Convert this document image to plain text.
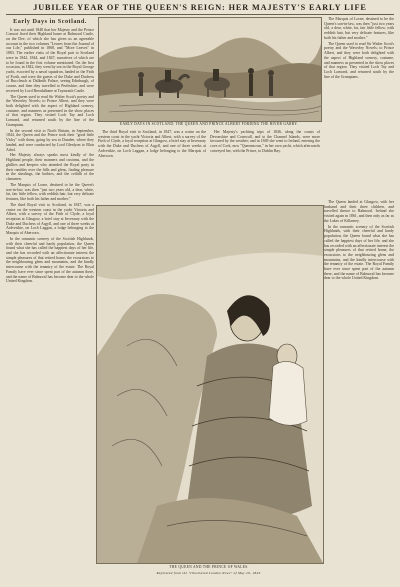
JUBILEE YEAR OF THE QUEEN'S REIGN: HER MAJESTY'S EARLY LIFE
Early Days in Scotland.

It was not until 1848 that her Majesty and the Prince Consort fixed their Highland home at Balmoral Castle, on the Dee, of which she has given us an agreeable account in the two volumes "Leaves from the Journal of our Life," published in 1868, and "More Leaves" in 1883. The earlier visits of the Royal pair to Scotland were in 1842, 1844, and 1847, narratives of which are to be found in the first volume mentioned. On the first occasion, in 1842, they went by sea in the Royal George yacht, escorted by a naval squadron, landed in the Firth of Forth, and were the guests of the Duke and Duchess of Buccleuch at Dalkeith Palace, seeing Edinburgh, of course, and then they travelled to Perthshire, and were received by Lord Breadalbane at Taymouth Castle.

The Queen used to read Sir Walter Scott's poetry and the Waverley Novels; to Prince Albert, and they were both delighted with the aspect of Highland scenery, costume, and manners as presented in the show places of that region. They visited Loch Tay and Loch Lomond, and returned south by the line of the Grampians.

In the second visit to North Britain, in September, 1844, the Queen and the Prince took their "good little Vicky" with them, going by sea to Dundee, where they landed, and were conducted by Lord Glenlyon to Blair Athol.

Her Majesty always speaks most kindly of the Highland people, their manners and customs, and the ghillies and keepers who attended the Royal party in their rambles over the hills and glens, finding pleasure in the shealings, the bothies, and the ceilidh of the clansmen.

The Marquis of Lorne, destined to be the Queen's son-in-law, was then "just two years old, a dear, white, fat, fair little fellow, with reddish hair, but very delicate features, like both his father and mother."

The third Royal visit to Scotland, in 1847, was a cruise on the western coast in the yacht Victoria and Albert, with a survey of the Firth of Clyde, a loyal reception at Glasgow, a brief stay at Inveraray with the Duke and Duchess of Argyll, and one of three weeks at Ardverikie, on Loch Laggan, a lodge belonging to the Marquis of Abercorn.

In the romantic scenery of the Scottish Highlands, with their cheerful and hardy population, the Queen found what she has called the happiest days of her life, and she has recorded with an affectionate interest the simple pleasures of that retired home, the excursions to the neighbouring glens and mountains, and the kindly intercourse with the tenantry of the estate. The Royal Family have ever since spent part of the autumn there, and the name of Balmoral has become dear to the whole United Kingdom.

EARLY DAYS IN SCOTLAND: THE QUEEN AND PRINCE ALBERT FORDING THE RIVER GARRY.

The Marquis of Lorne, destined to be the Queen's son-in-law, was then "just two years old, a dear, white, fat, fair little fellow, with reddish hair, but very delicate features, like both his father and mother."

The Queen used to read Sir Walter Scott's poetry and the Waverley Novels; to Prince Albert, and they were both delighted with the aspect of Highland scenery, costume, and manners as presented in the show places of that region. They visited Loch Tay and Loch Lomond, and returned south by the line of the Grampians.

The third Royal visit to Scotland, in 1847, was a cruise on the western coast in the yacht Victoria and Albert, with a survey of the Firth of Clyde, a loyal reception at Glasgow, a brief stay at Inveraray with the Duke and Duchess of Argyll, and one of three weeks at Ardverikie, on Loch Laggan, a lodge belonging to the Marquis of Abercorn.

Her Majesty's yachting trips of 1846, along the coasts of Devonshire and Cornwall, and to the Channel Islands, were more favoured by the weather; and in 1849 she went to Ireland, entering the cove of Cork, now "Queenstown," in her own yacht, which afterwards conveyed her, with the Prince, to Dublin Bay.

The Queen landed at Glasgow, with her husband and their three children, and travelled thence to Balmoral. Ireland she visited again in 1861, and then only as far as the Lakes of Killarney.

In the romantic scenery of the Scottish Highlands, with their cheerful and hardy population, the Queen found what she has called the happiest days of her life, and she has recorded with an affectionate interest the simple pleasures of that retired home, the excursions to the neighbouring glens and mountains, and the kindly intercourse with the tenantry of the estate. The Royal Family have ever since spent part of the autumn there, and the name of Balmoral has become dear to the whole United Kingdom.

THE QUEEN AND THE PRINCE OF WALES.
Reprinted from the "Illustrated London News" of May 20, 1843.
